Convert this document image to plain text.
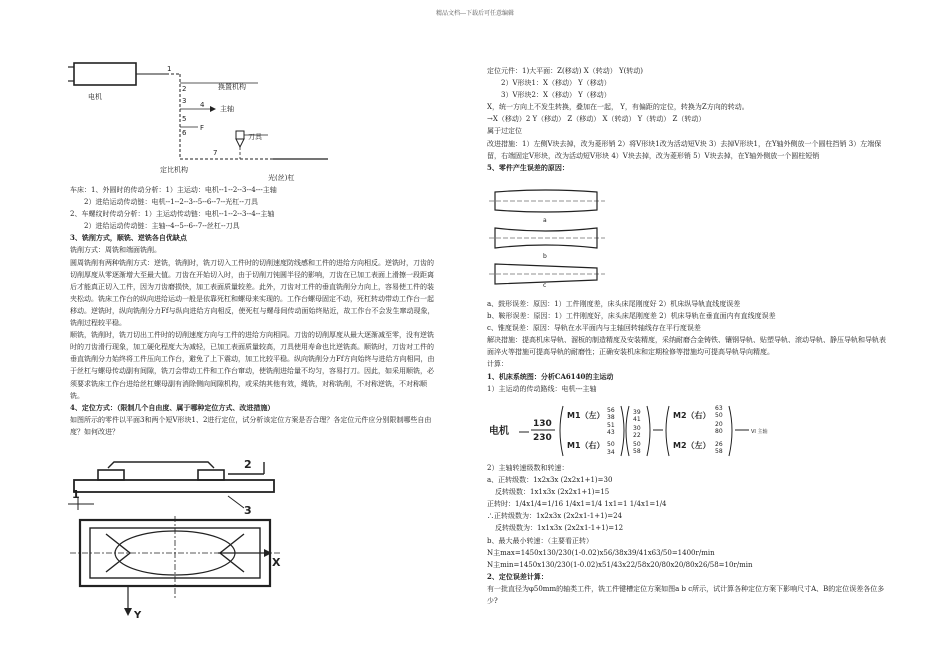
精品文档---下载后可任意编辑
电机
1
2
3 4
5
6
7
换置机构
主轴
F
刀具
定比机构
光(丝)杠

车床：1、外圆时的传动分析：1）主运动：电机--1--2--3--4---主轴

2）进给运动传动链：电机--1--2--3--5--6--7--光杠--刀具

2、车螺纹时传动分析：1）主运动传动链：电机--1--2--3--4--主轴

2）进给运动传动链：主轴--4--5--6--7--丝杠--刀具

3、铣削方式，顺铣、逆铣各自优缺点

铣削方式：周铣和端面铣削。

圆周铣削有两种铣削方式：逆铣，铣削时，铣刀切入工件时的切削速度防线感和工件的进给方向相反。逆铣时，刀齿的切削厚度从零逐渐增大至最大值。刀齿在开始切入时，由于切削刀钝圆半径的影响，刀齿在已加工表面上滑擦一段距离后才能真正切入工件，因为刀齿磨损快，加工表面质量较差。此外，刀齿对工件的垂直铣削分力向上，容易使工件的装夹松动。铣床工作台的纵向进给运动一般是依靠死杠和螺母来实现的。工作台螺母固定不动，死杠转动带动工作台一起移动。逆铣时，纵向铣削分力Ff与纵向进给方向相反，使死杠与螺母间传动面始终贴近，故工作台不会发生窜动现象，铣削过程较平稳。

顺铣，铣削时，铣刀切出工件时的切削速度方向与工件的进给方向相同。刀齿的切削厚度从最大逐渐减至零，没有逆铣时的刀齿滑行现象，加工硬化程度大为减轻，已加工表面质量较高，刀具使用寿命也比逆铣高。顺铣时，刀齿对工件的垂直铣削分力始终将工件压向工作台，避免了上下震动，加工比较平稳。纵向铣削分力Ff方向始终与进给方向相同，由于丝杠与螺母传动副有间隙，铣刀会带动工件和工作台窜动，使铣削进给量不均匀，容易打刀。因此，如采用顺铣，必须要求铣床工作台进给丝杠螺母副有消除侧向间隙机构，或采纳其他有效，绳铣，对称铣削，不对称逆铣，不对称顺铣。

4、定位方式：（限制几个自由度、属于哪种定位方式、改进措施）

如图所示的零件以平面3和两个短V形块1、2进行定位，试分析该定位方案是否合理？各定位元件应分别限制哪些自由度？如何改进？

1
2
3
X
Y

定位元件：1)大平面：Z(移动) X（转动） Y(转动)

2）V形块1：X（移动） Y（移动）

3）V形块2：X（移动） Y（移动）

X，统一方向上不发生转换，叠加在一起， Y，有偏距的定位，转换为Z方向的转动。

→X（移动）2 Y（移动） Z（移动） X（转动） Y（转动） Z（转动）

属于过定位

改进措施：1）左侧V块去掉，改为菱形销 2）将V形块1改为活动短V块 3）去掉V形块1，在Y轴外侧放一个圆柱挡销 3）左端保留，右端固定V形块，改为活动短V形块 4）V块去掉，改为菱形销 5）V块去掉，在Y轴外侧放一个圆柱短销

5、零件产生误差的原因：

a
b
c

a、鼓形误差：原因：1）工件刚度差，床头床尾刚度好 2）机床纵导轨直线度误差

b、鞍形误差：原因：1）工件刚度好，床头床尾刚度差 2）机床导轨在垂直面内有直线度误差

c、锥度误差：原因：导轨在水平面内与主轴回转轴线存在平行度误差

解决措施：提高机床导轨、溜板的制造精度及安装精度，采纳耐磨合金铸铁、镶钢导轨、贴塑导轨、滚动导轨、静压导轨和导轨表面淬火等措施可提高导轨的耐磨性；正确安装机床和定期检修等措施均可提高导轨导向精度。

计算：

1、机床系统图：分析CA6140的主运动

1）主运动的传动路线：电机---主轴

电机
130
230
M1（左）
M1（右）
56
38
51
43
50
34
39
41
30
22
50
58
M2（右）
M2（左）
63
50
20
80
26
58
VI 主轴

2）主轴转速级数和转速：

a、正转级数：1x2x3x (2x2x1+1)=30

反转级数：1x1x3x (2x2x1+1)=15

正转时：1/4x1/4=1/16 1/4x1=1/4 1x1=1 1/4x1=1/4

∴正转级数为：1x2x3x (2x2x1-1+1)=24

反转级数为：1x1x3x (2x2x1-1+1)=12

b、最大最小转速：（主要看正转）

N主max=1450x130/230(1-0.02)x56/38x39/41x63/50=1400r/min

N主min=1450x130/230(1-0.02)x51/43x22/58x20/80x20/80x26/58=10r/min

2、定位误差计算：

有一批直径为φ50mm的轴类工件，铣工件键槽定位方案如图a b c所示，试计算各种定位方案下影响尺寸A、B的定位误差各位多少?
